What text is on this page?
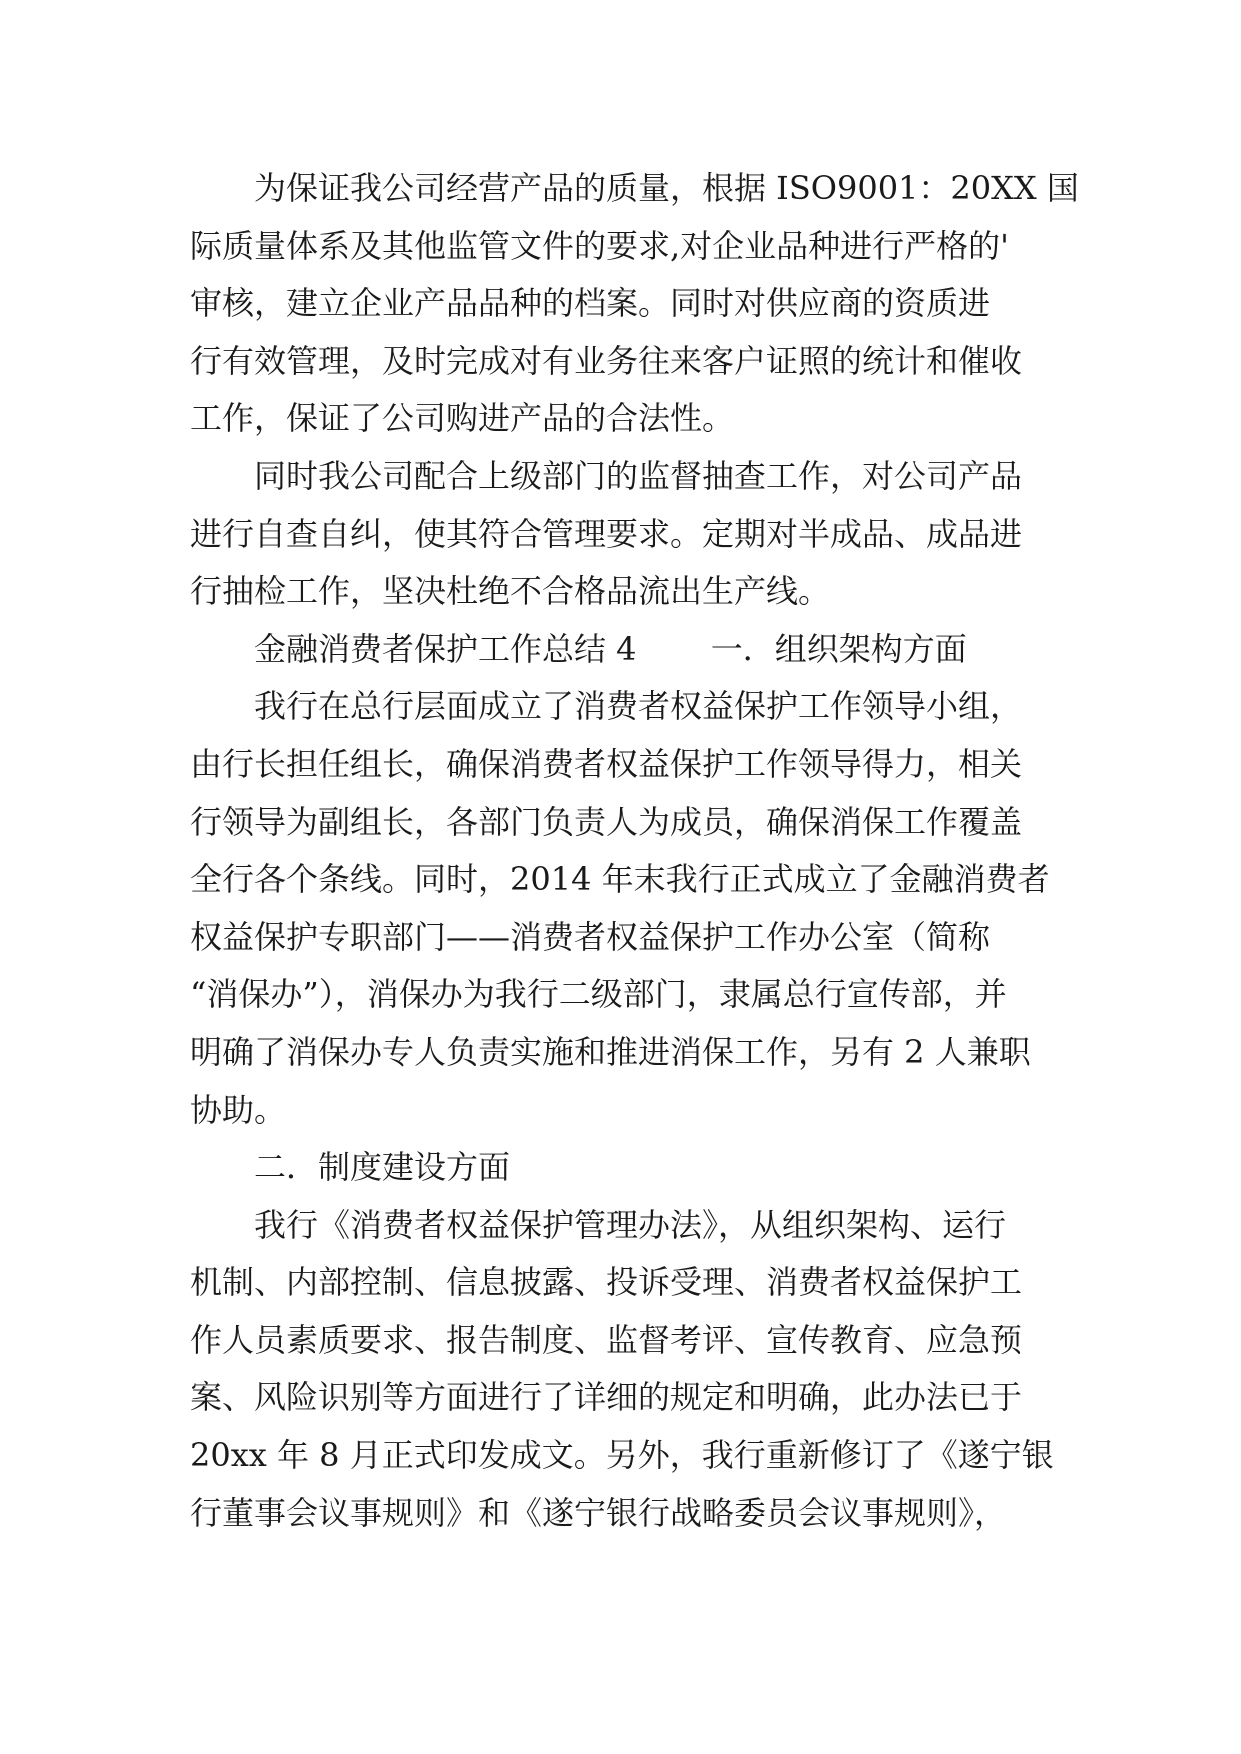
　　为保证我公司经营产品的质量，根据 ISO9001：20XX 国
际质量体系及其他监管文件的要求,对企业品种进行严格的'
审核，建立企业产品品种的档案。同时对供应商的资质进
行有效管理，及时完成对有业务往来客户证照的统计和催收
工作，保证了公司购进产品的合法性。
　　同时我公司配合上级部门的监督抽查工作，对公司产品
进行自查自纠，使其符合管理要求。定期对半成品、成品进
行抽检工作，坚决杜绝不合格品流出生产线。
　　金融消费者保护工作总结 4　　 一．组织架构方面
　　我行在总行层面成立了消费者权益保护工作领导小组，
由行长担任组长，确保消费者权益保护工作领导得力，相关
行领导为副组长，各部门负责人为成员，确保消保工作覆盖
全行各个条线。同时，2014 年末我行正式成立了金融消费者
权益保护专职部门——消费者权益保护工作办公室（简称
“消保办”），消保办为我行二级部门，隶属总行宣传部，并
明确了消保办专人负责实施和推进消保工作，另有 2 人兼职
协助。
　　二．制度建设方面
　　我行《消费者权益保护管理办法》，从组织架构、运行
机制、内部控制、信息披露、投诉受理、消费者权益保护工
作人员素质要求、报告制度、监督考评、宣传教育、应急预
案、风险识别等方面进行了详细的规定和明确，此办法已于
20xx 年 8 月正式印发成文。另外，我行重新修订了《遂宁银
行董事会议事规则》和《遂宁银行战略委员会议事规则》，
